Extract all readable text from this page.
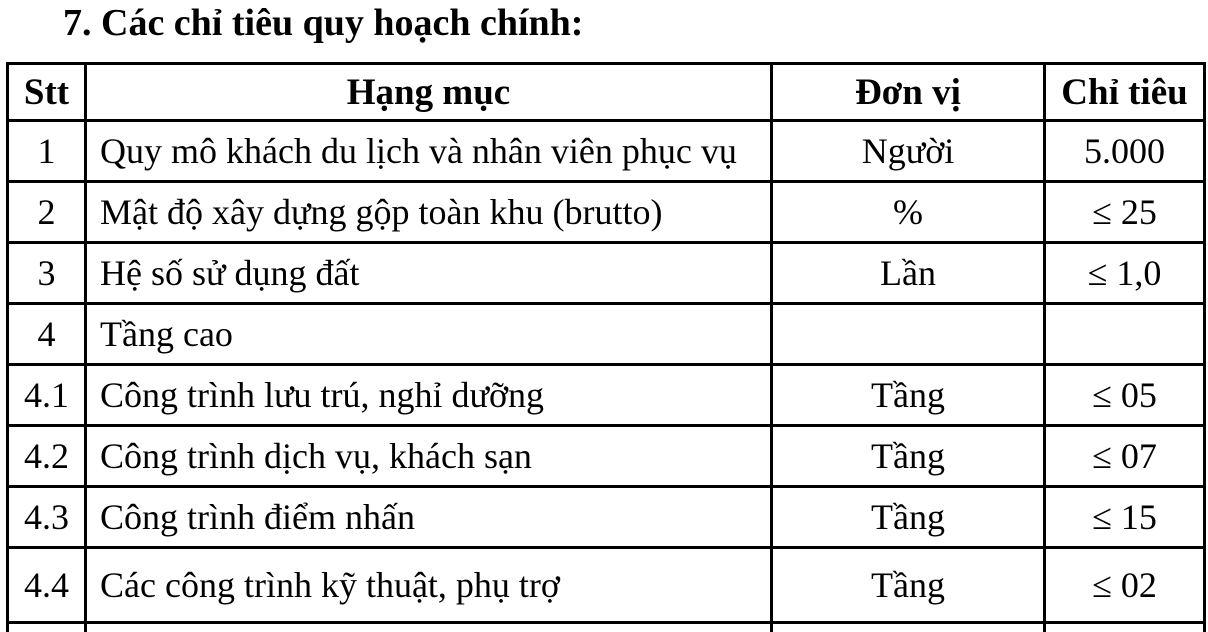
7. Các chỉ tiêu quy hoạch chính:
Stt	Hạng mục	Đơn vị	Chỉ tiêu
1	Quy mô khách du lịch và nhân viên phục vụ	Người	5.000
2	Mật độ xây dựng gộp toàn khu (brutto)	%	≤ 25
3	Hệ số sử dụng đất	Lần	≤ 1,0
4	Tầng cao		
4.1	Công trình lưu trú, nghỉ dưỡng	Tầng	≤ 05
4.2	Công trình dịch vụ, khách sạn	Tầng	≤ 07
4.3	Công trình điểm nhấn	Tầng	≤ 15
4.4	Các công trình kỹ thuật, phụ trợ	Tầng	≤ 02
